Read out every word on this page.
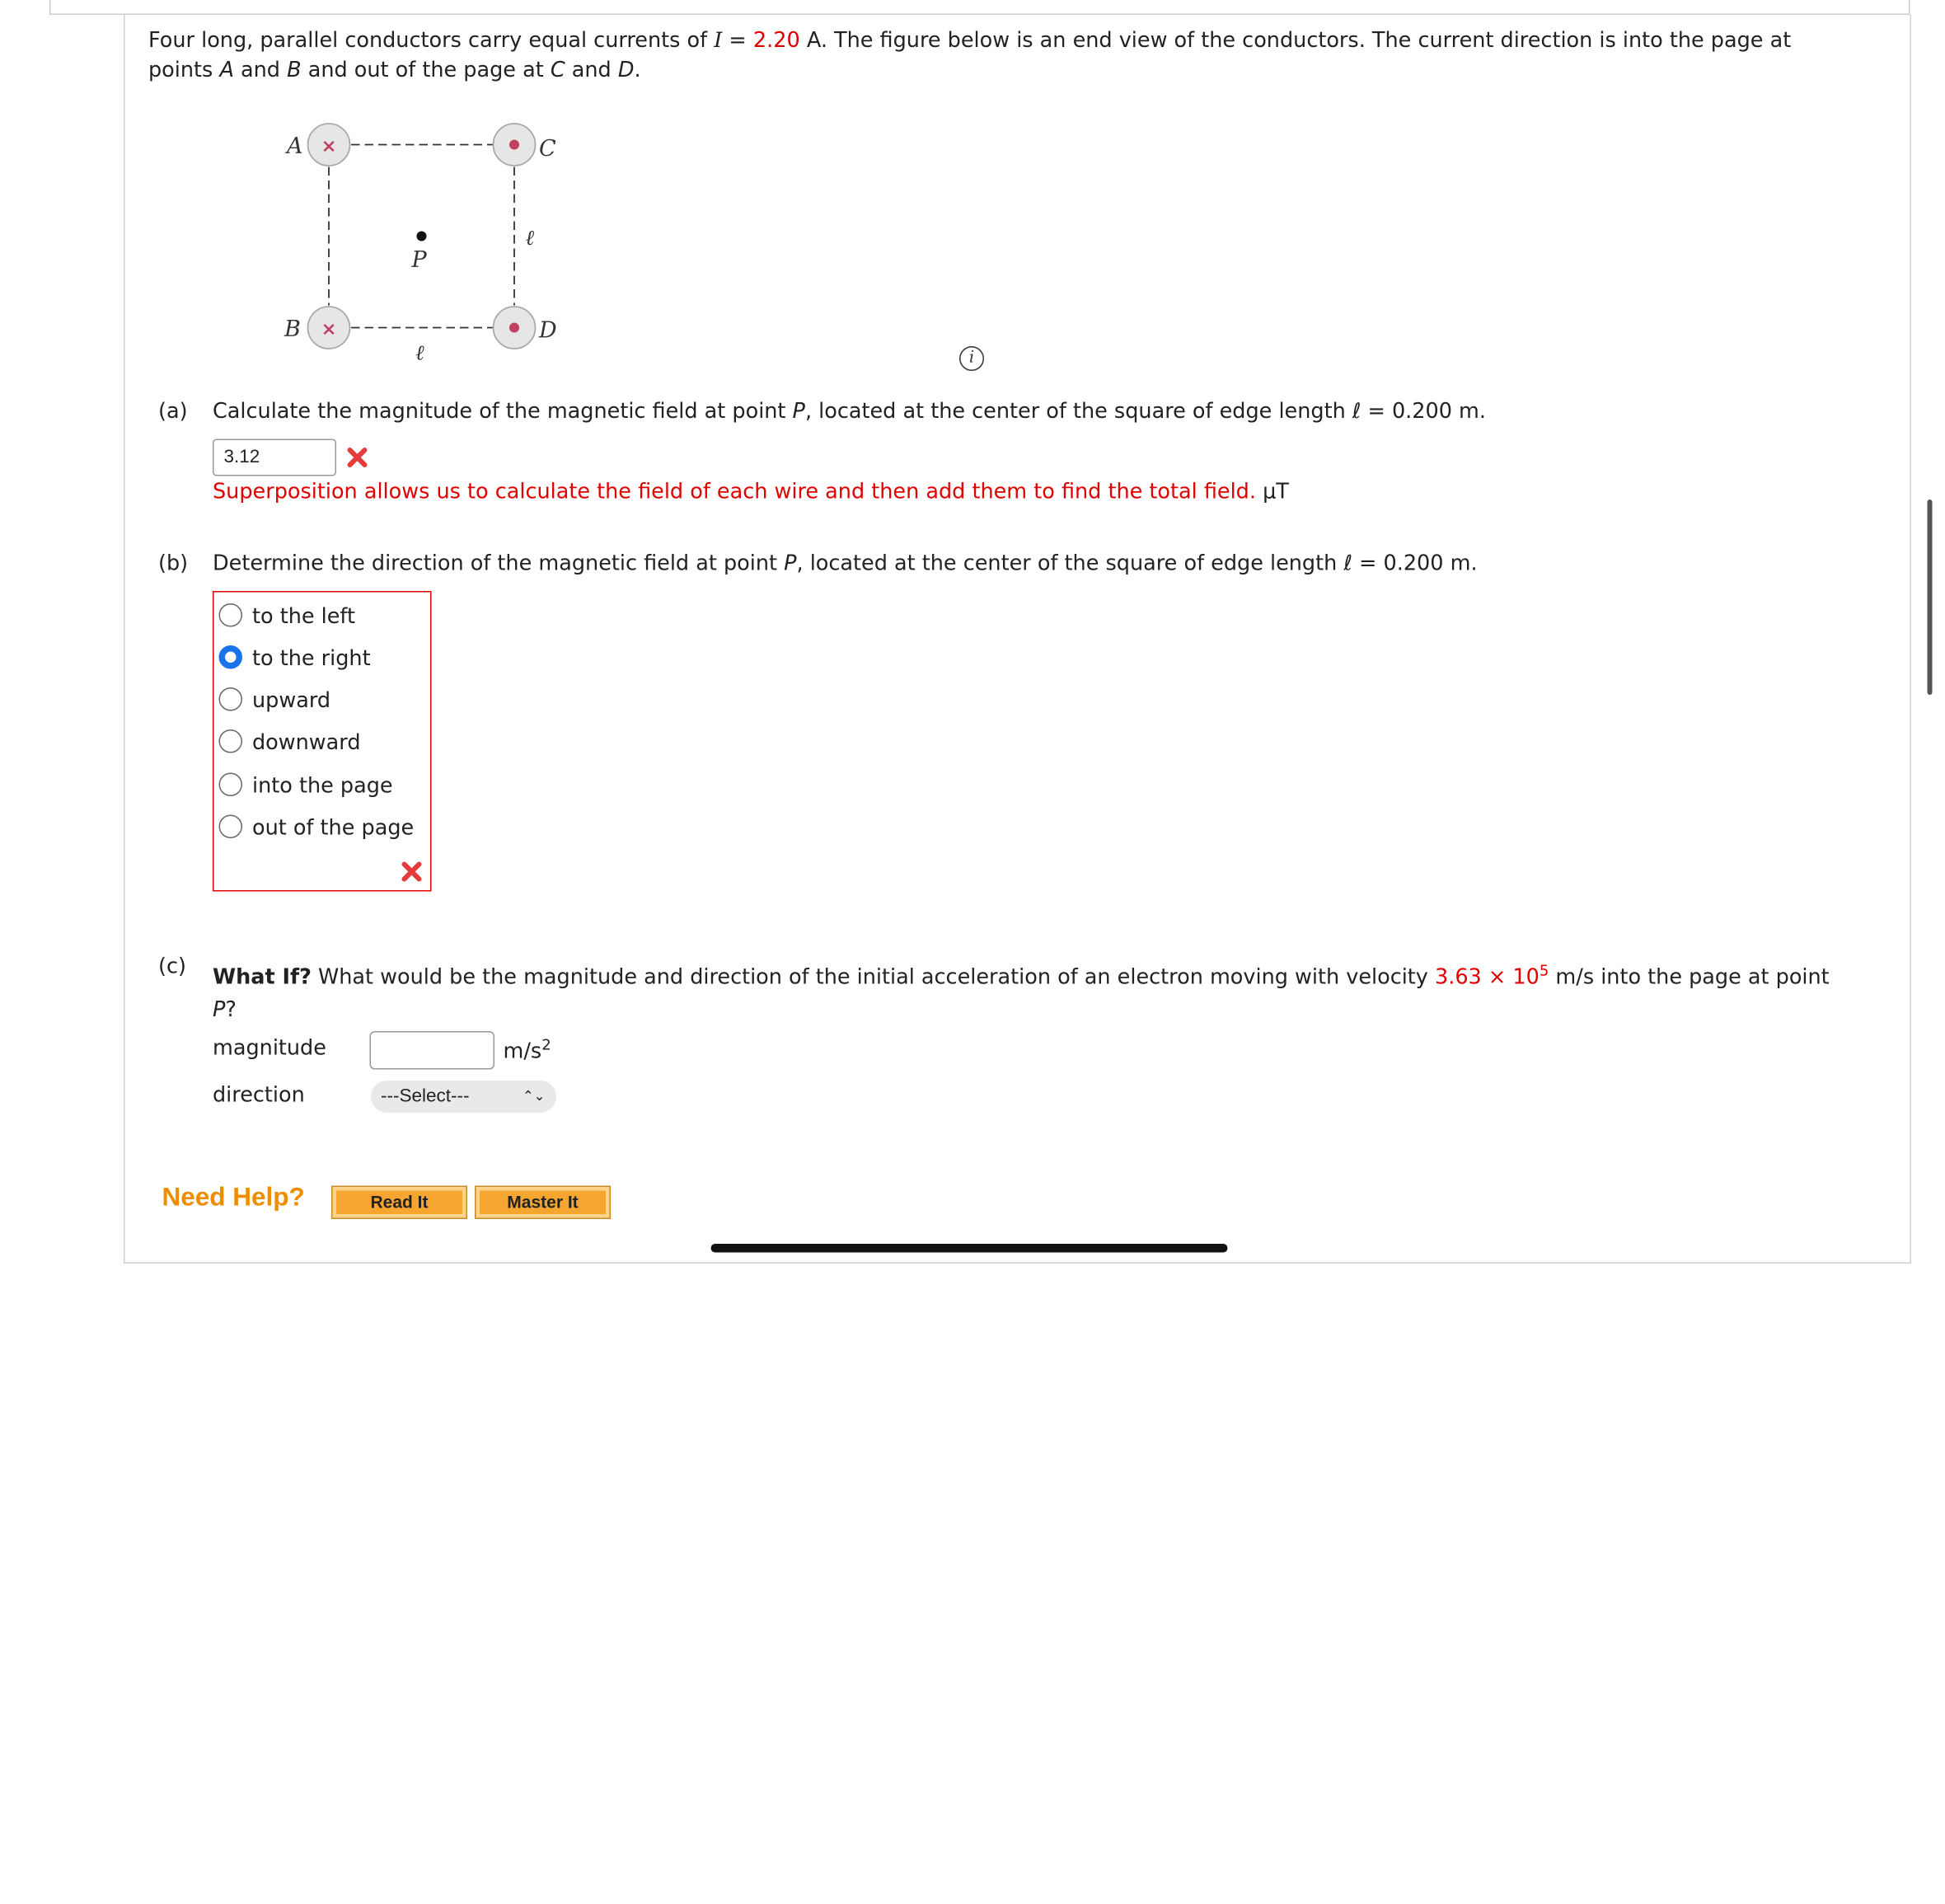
Four long, parallel conductors carry equal currents of I = 2.20 A. The figure below is an end view of the conductors. The current direction is into the page at
points A and B and out of the page at C and D.
×
×
A
B
C
D
P
ℓ
ℓ	i
(a) Calculate the magnitude of the magnetic field at point P, located at the center of the square of edge length ℓ = 0.200 m.
3.12
Superposition allows us to calculate the field of each wire and then add them to find the total field. μT
(b) Determine the direction of the magnetic field at point P, located at the center of the square of edge length ℓ = 0.200 m.
to the left
to the right
upward
downward
into the page
out of the page
(c) What If? What would be the magnitude and direction of the initial acceleration of an electron moving with velocity $3.63 \times 10^5$ m/s into the page at point
P?
magnitude	$m/s^2$
direction	---Select---	⌃⌄
Need Help?	Read It	Master It
